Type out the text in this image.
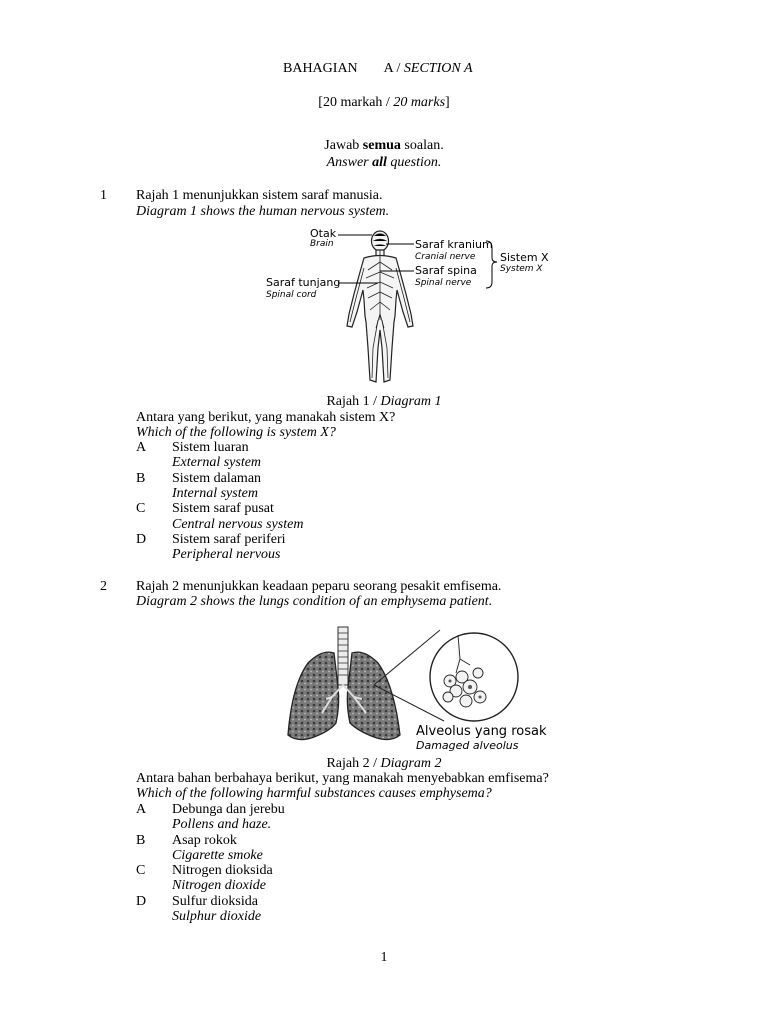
BAHAGIAN A / SECTION A
[20 markah / 20 marks]
Jawab semua soalan.
Answer all question.
1 Rajah 1 menunjukkan sistem saraf manusia.
Diagram 1 shows the human nervous system.
Otak
Brain	Saraf kranium
Cranial nerve
Saraf spina
Spinal nerve
Saraf tunjang
Spinal cord
Sistem X
System X
Rajah 1 / Diagram 1
Antara yang berikut, yang manakah sistem X?
Which of the following is system X?
A Sistem luaran
External system
B Sistem dalaman
Internal system
C Sistem saraf pusat
Central nervous system
D Sistem saraf periferi
Peripheral nervous
2 Rajah 2 menunjukkan keadaan peparu seorang pesakit emfisema.
Diagram 2 shows the lungs condition of an emphysema patient.
Alveolus yang rosak
Damaged alveolus
Rajah 2 / Diagram 2
Antara bahan berbahaya berikut, yang manakah menyebabkan emfisema?
Which of the following harmful substances causes emphysema?
A Debunga dan jerebu
Pollens and haze.
B Asap rokok
Cigarette smoke
C Nitrogen dioksida
Nitrogen dioxide
D Sulfur dioksida
Sulphur dioxide
1
